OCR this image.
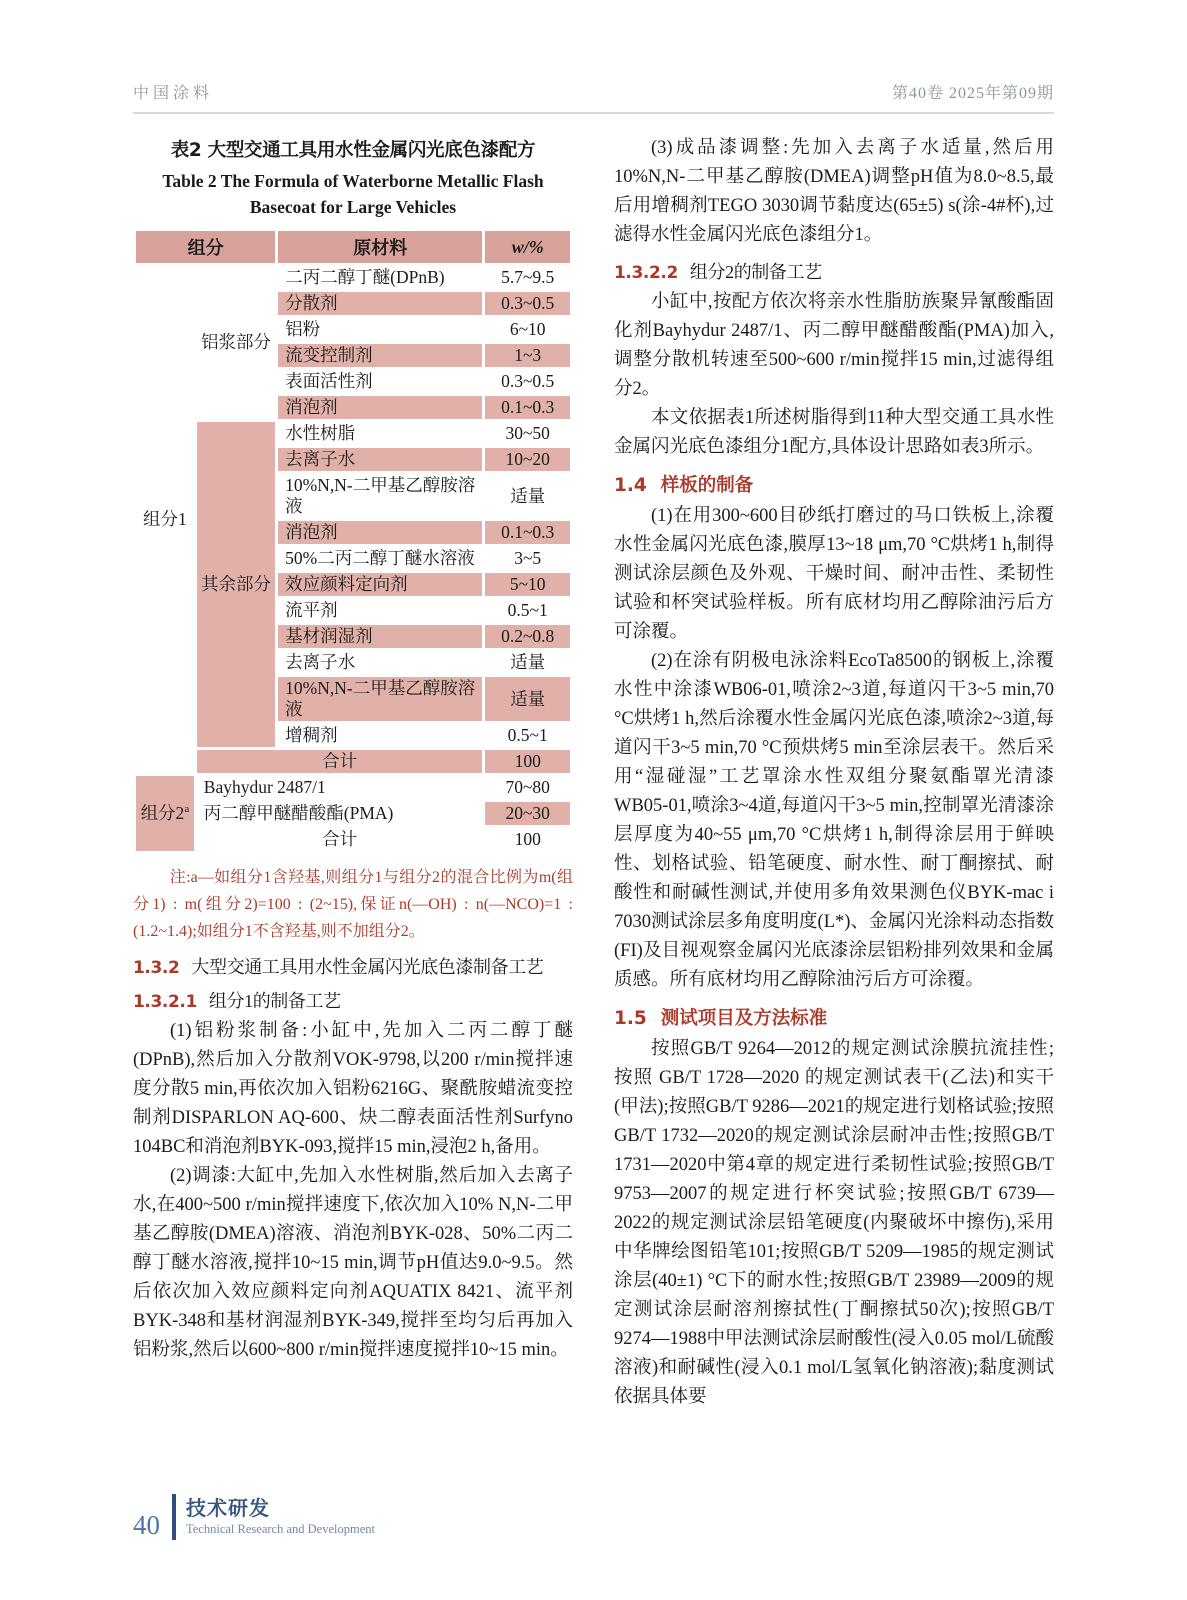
中国涂料	第40卷 2025年第09期
表2 大型交通工具用水性金属闪光底色漆配方
Table 2 The Formula of Waterborne Metallic Flash
Basecoat for Large Vehicles
组分		原材料	w/%
组分1	铝浆部分	二丙二醇丁醚(DPnB)	5.7~9.5
		分散剂	0.3~0.5
		铝粉	6~10
		流变控制剂	1~3
		表面活性剂	0.3~0.5
		消泡剂	0.1~0.3
	其余部分	水性树脂	30~50
		去离子水	10~20
		10%N,N-二甲基乙醇胺溶液	适量
		消泡剂	0.1~0.3
		50%二丙二醇丁醚水溶液	3~5
		效应颜料定向剂	5~10
		流平剂	0.5~1
		基材润湿剂	0.2~0.8
		去离子水	适量
		10%N,N-二甲基乙醇胺溶液	适量
		增稠剂	0.5~1
	合计		100
组分2$^a$	Bayhydur 2487/1		70~80
	丙二醇甲醚醋酸酯(PMA)		20~30
	合计		100

注:a—如组分1含羟基,则组分1与组分2的混合比例为m(组分1) : m(组分2)=100 : (2~15),保证n(—OH) : n(—NCO)=1 : (1.2~1.4);如组分1不含羟基,则不加组分2。

1.3.2 大型交通工具用水性金属闪光底色漆制备工艺
1.3.2.1 组分1的制备工艺

(1)铝粉浆制备:小缸中,先加入二丙二醇丁醚(DPnB),然后加入分散剂VOK-9798,以200 r/min搅拌速度分散5 min,再依次加入铝粉6216G、聚酰胺蜡流变控制剂DISPARLON AQ-600、炔二醇表面活性剂Surfyno 104BC和消泡剂BYK-093,搅拌15 min,浸泡2 h,备用。

(2)调漆:大缸中,先加入水性树脂,然后加入去离子水,在400~500 r/min搅拌速度下,依次加入10% N,N-二甲基乙醇胺(DMEA)溶液、消泡剂BYK-028、50%二丙二醇丁醚水溶液,搅拌10~15 min,调节pH值达9.0~9.5。然后依次加入效应颜料定向剂AQUATIX 8421、流平剂BYK-348和基材润湿剂BYK-349,搅拌至均匀后再加入铝粉浆,然后以600~800 r/min搅拌速度搅拌10~15 min。

(3)成品漆调整:先加入去离子水适量,然后用10%N,N-二甲基乙醇胺(DMEA)调整pH值为8.0~8.5,最后用增稠剂TEGO 3030调节黏度达(65±5) s(涂-4#杯),过滤得水性金属闪光底色漆组分1。

1.3.2.2 组分2的制备工艺

小缸中,按配方依次将亲水性脂肪族聚异氰酸酯固化剂Bayhydur 2487/1、丙二醇甲醚醋酸酯(PMA)加入,调整分散机转速至500~600 r/min搅拌15 min,过滤得组分2。

本文依据表1所述树脂得到11种大型交通工具水性金属闪光底色漆组分1配方,具体设计思路如表3所示。

1.4 样板的制备

(1)在用300~600目砂纸打磨过的马口铁板上,涂覆水性金属闪光底色漆,膜厚13~18 μm,70 °C烘烤1 h,制得测试涂层颜色及外观、干燥时间、耐冲击性、柔韧性试验和杯突试验样板。所有底材均用乙醇除油污后方可涂覆。

(2)在涂有阴极电泳涂料EcoTa8500的钢板上,涂覆水性中涂漆WB06-01,喷涂2~3道,每道闪干3~5 min,70 °C烘烤1 h,然后涂覆水性金属闪光底色漆,喷涂2~3道,每道闪干3~5 min,70 °C预烘烤5 min至涂层表干。然后采用“湿碰湿”工艺罩涂水性双组分聚氨酯罩光清漆WB05-01,喷涂3~4道,每道闪干3~5 min,控制罩光清漆涂层厚度为40~55 μm,70 °C烘烤1 h,制得涂层用于鲜映性、划格试验、铅笔硬度、耐水性、耐丁酮擦拭、耐酸性和耐碱性测试,并使用多角效果测色仪BYK-mac i 7030测试涂层多角度明度(L*)、金属闪光涂料动态指数(FI)及目视观察金属闪光底漆涂层铝粉排列效果和金属质感。所有底材均用乙醇除油污后方可涂覆。

1.5 测试项目及方法标准

按照GB/T 9264—2012的规定测试涂膜抗流挂性;按照 GB/T 1728—2020 的规定测试表干(乙法)和实干(甲法);按照GB/T 9286—2021的规定进行划格试验;按照GB/T 1732—2020的规定测试涂层耐冲击性;按照GB/T 1731—2020中第4章的规定进行柔韧性试验;按照GB/T 9753—2007的规定进行杯突试验;按照GB/T 6739—2022的规定测试涂层铅笔硬度(内聚破坏中擦伤),采用中华牌绘图铅笔101;按照GB/T 5209—1985的规定测试涂层(40±1) °C下的耐水性;按照GB/T 23989—2009的规定测试涂层耐溶剂擦拭性(丁酮擦拭50次);按照GB/T 9274—1988中甲法测试涂层耐酸性(浸入0.05 mol/L硫酸溶液)和耐碱性(浸入0.1 mol/L氢氧化钠溶液);黏度测试依据具体要

40
技术研发
Technical Research and Development
